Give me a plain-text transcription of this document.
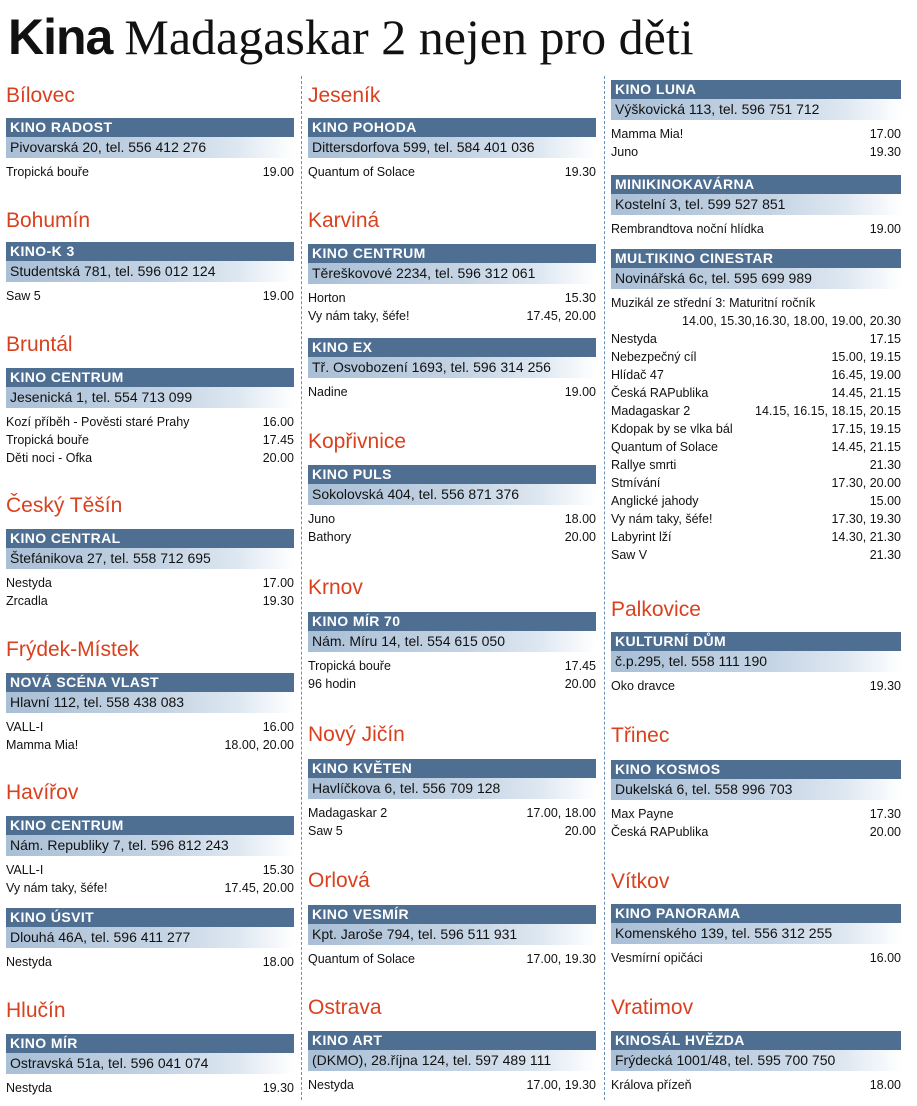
Kina Madagaskar 2 nejen pro děti
Bílovec
KINO RADOST
Pivovarská 20, tel. 556 412 276
Tropická bouře	19.00
Bohumín
KINO-K 3
Studentská 781, tel. 596 012 124
Saw 5	19.00
Bruntál
KINO CENTRUM
Jesenická 1, tel. 554 713 099
Kozí příběh - Pověsti staré Prahy	16.00
Tropická bouře	17.45
Děti noci - Ofka	20.00
Český Těšín
KINO CENTRAL
Štefánikova 27, tel. 558 712 695
Nestyda	17.00
Zrcadla	19.30
Frýdek-Místek
NOVÁ SCÉNA VLAST
Hlavní 112, tel. 558 438 083
VALL-I	16.00
Mamma Mia!	18.00, 20.00
Havířov
KINO CENTRUM
Nám. Republiky 7, tel. 596 812 243
VALL-I	15.30
Vy nám taky, šéfe!	17.45, 20.00
KINO ÚSVIT
Dlouhá 46A, tel. 596 411 277
Nestyda	18.00
Hlučín
KINO MÍR
Ostravská 51a, tel. 596 041 074
Nestyda	19.30
Jeseník
KINO POHODA
Dittersdorfova 599, tel. 584 401 036
Quantum of Solace	19.30
Karviná
KINO CENTRUM
Těreškovové 2234, tel. 596 312 061
Horton	15.30
Vy nám taky, šéfe!	17.45, 20.00
KINO EX
Tř. Osvobození 1693, tel. 596 314 256
Nadine	19.00
Kopřivnice
KINO PULS
Sokolovská 404, tel. 556 871 376
Juno	18.00
Bathory	20.00
Krnov
KINO MÍR 70
Nám. Míru 14, tel. 554 615 050
Tropická bouře	17.45
96 hodin	20.00
Nový Jičín
KINO KVĚTEN
Havlíčkova 6, tel. 556 709 128
Madagaskar 2	17.00, 18.00
Saw 5	20.00
Orlová
KINO VESMÍR
Kpt. Jaroše 794, tel. 596 511 931
Quantum of Solace	17.00, 19.30
Ostrava
KINO ART
(DKMO), 28.října 124, tel. 597 489 111
Nestyda	17.00, 19.30
KINO LUNA
Výškovická 113, tel. 596 751 712
Mamma Mia!	17.00
Juno	19.30
MINIKINOKAVÁRNA
Kostelní 3, tel. 599 527 851
Rembrandtova noční hlídka	19.00
MULTIKINO CINESTAR
Novinářská 6c, tel. 595 699 989
Muzikál ze střední 3: Maturitní ročník
14.00, 15.30,16.30, 18.00, 19.00, 20.30
Nestyda	17.15
Nebezpečný cíl	15.00, 19.15
Hlídač 47	16.45, 19.00
Česká RAPublika	14.45, 21.15
Madagaskar 2	14.15, 16.15, 18.15, 20.15
Kdopak by se vlka bál	17.15, 19.15
Quantum of Solace	14.45, 21.15
Rallye smrti	21.30
Stmívání	17.30, 20.00
Anglické jahody	15.00
Vy nám taky, šéfe!	17.30, 19.30
Labyrint lží	14.30, 21.30
Saw V	21.30
Palkovice
KULTURNÍ DŮM
č.p.295, tel. 558 111 190
Oko dravce	19.30
Třinec
KINO KOSMOS
Dukelská 6, tel. 558 996 703
Max Payne	17.30
Česká RAPublika	20.00
Vítkov
KINO PANORAMA
Komenského 139, tel. 556 312 255
Vesmírní opičáci	16.00
Vratimov
KINOSÁL HVĚZDA
Frýdecká 1001/48, tel. 595 700 750
Králova přízeň	18.00
